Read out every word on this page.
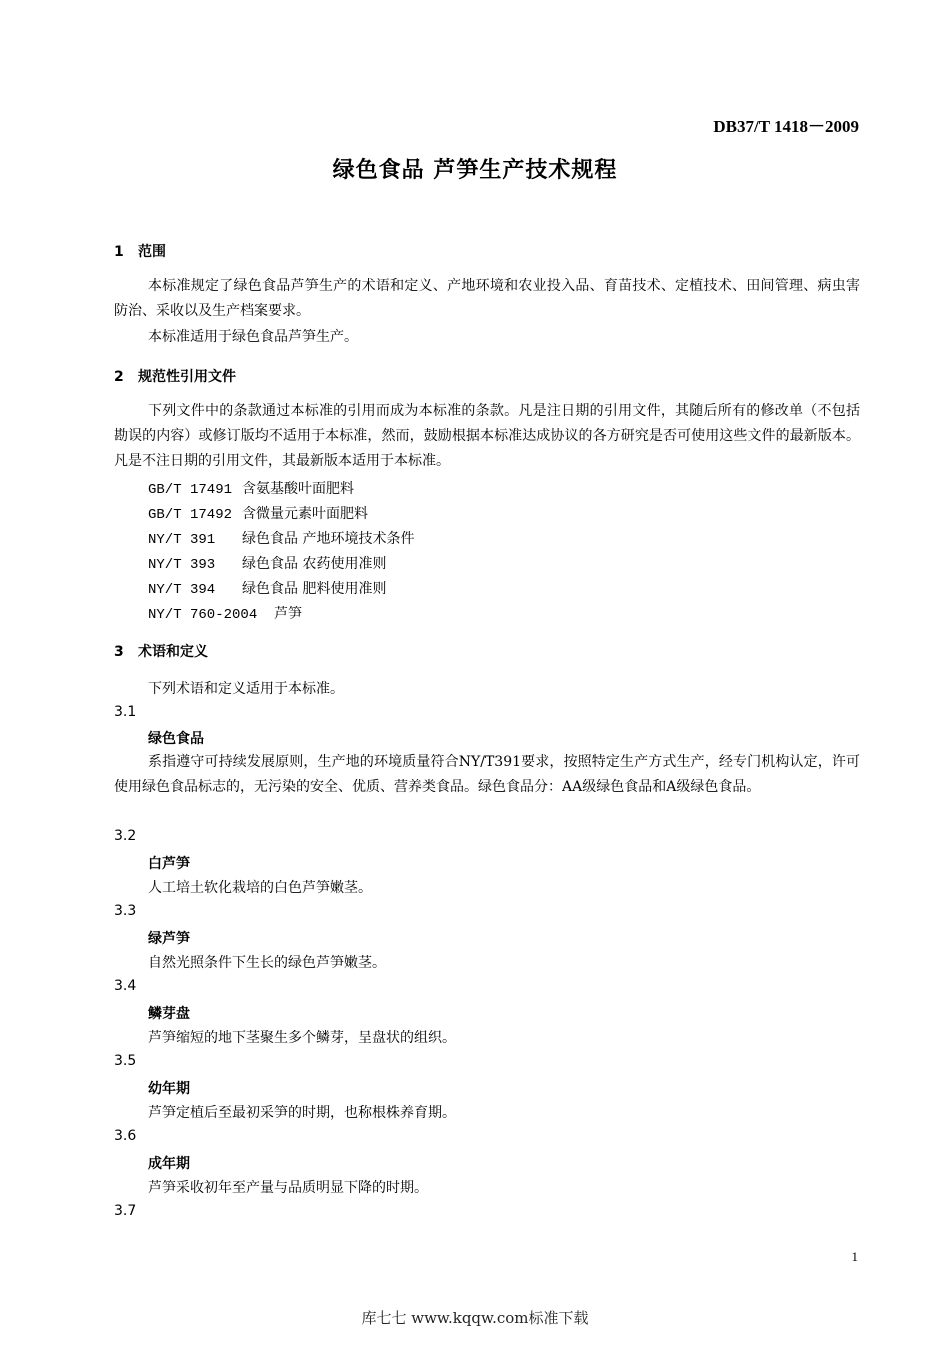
DB37/T 1418－2009
绿色食品 芦笋生产技术规程
1 范围
本标准规定了绿色食品芦笋生产的术语和定义、产地环境和农业投入品、育苗技术、定植技术、田间管理、病虫害防治、采收以及生产档案要求。
本标准适用于绿色食品芦笋生产。
2 规范性引用文件
下列文件中的条款通过本标准的引用而成为本标准的条款。凡是注日期的引用文件，其随后所有的修改单（不包括勘误的内容）或修订版均不适用于本标准，然而，鼓励根据本标准达成协议的各方研究是否可使用这些文件的最新版本。凡是不注日期的引用文件，其最新版本适用于本标准。
GB/T 17491 含氨基酸叶面肥料
GB/T 17492 含微量元素叶面肥料
NY/T 391 绿色食品 产地环境技术条件
NY/T 393 绿色食品 农药使用准则
NY/T 394 绿色食品 肥料使用准则
NY/T 760-2004 芦笋
3 术语和定义
下列术语和定义适用于本标准。
3.1
绿色食品
系指遵守可持续发展原则，生产地的环境质量符合NY/T391要求，按照特定生产方式生产，经专门机构认定，许可使用绿色食品标志的，无污染的安全、优质、营养类食品。绿色食品分：AA级绿色食品和A级绿色食品。
3.2
白芦笋
人工培土软化栽培的白色芦笋嫩茎。
3.3
绿芦笋
自然光照条件下生长的绿色芦笋嫩茎。
3.4
鳞芽盘
芦笋缩短的地下茎聚生多个鳞芽，呈盘状的组织。
3.5
幼年期
芦笋定植后至最初采笋的时期，也称根株养育期。
3.6
成年期
芦笋采收初年至产量与品质明显下降的时期。
3.7
1
库七七 www.kqqw.com标准下载
